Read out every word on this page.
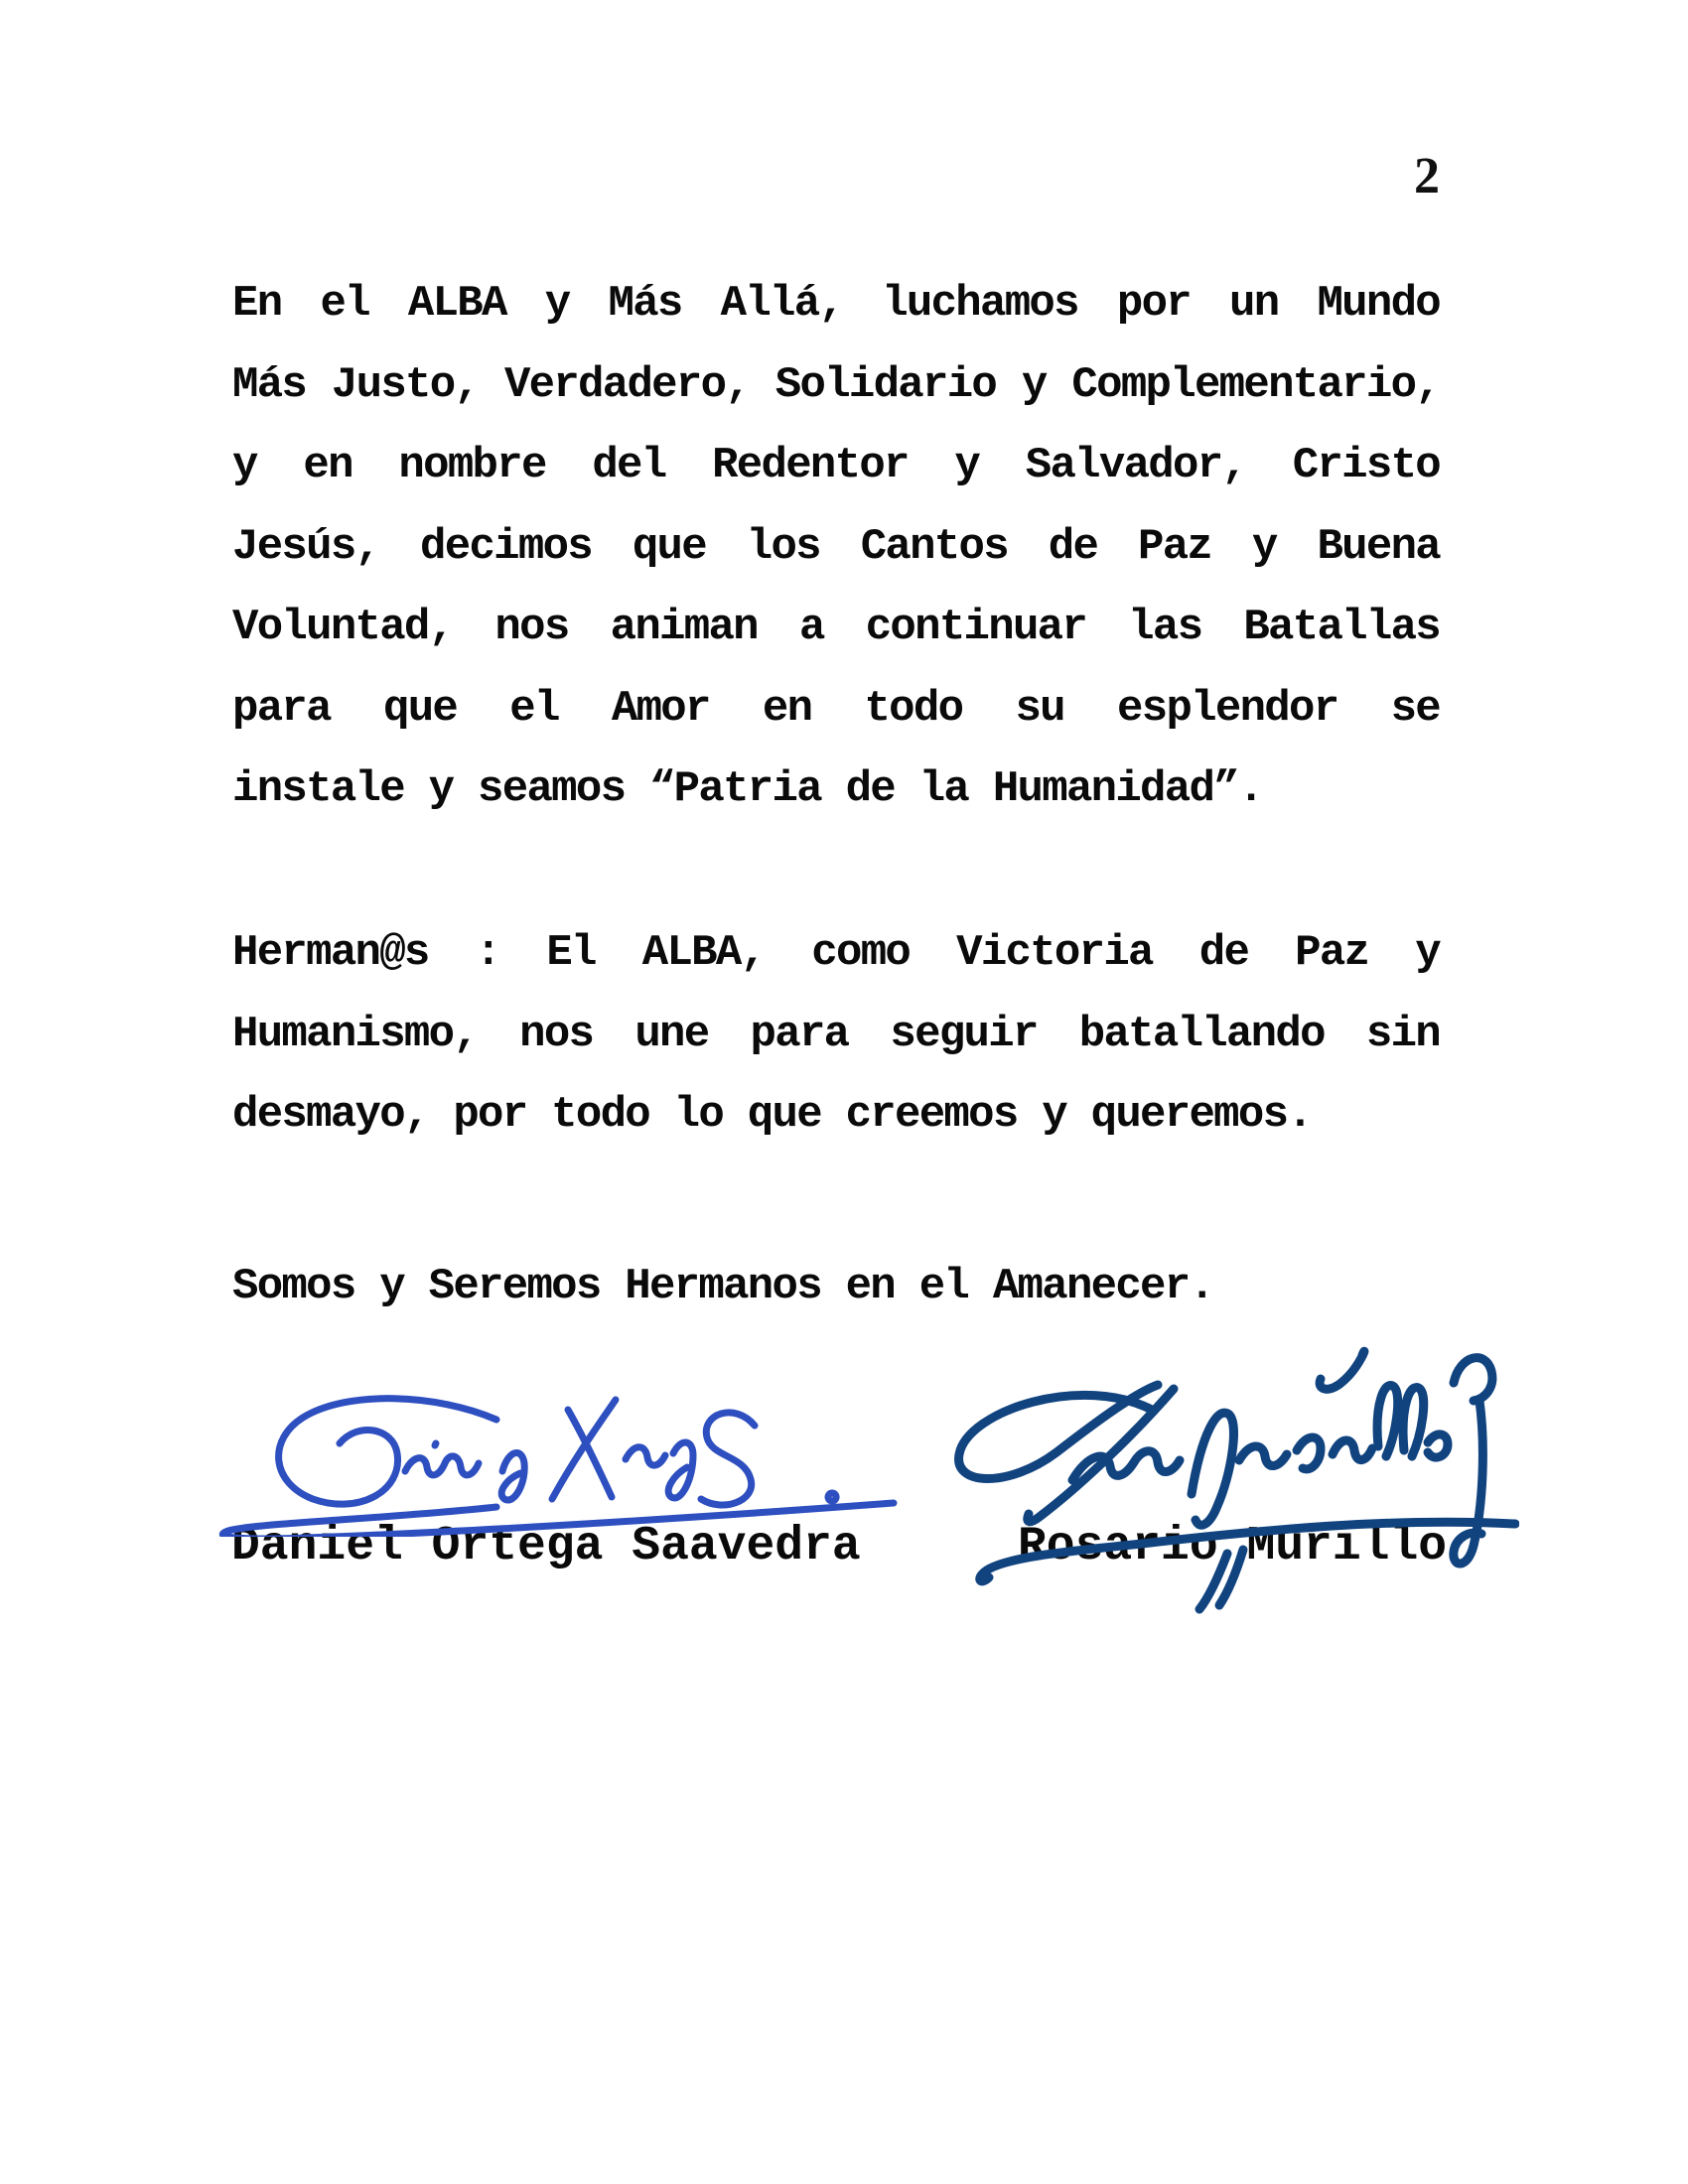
2
En el ALBA y Más Allá, luchamos por un Mundo
Más Justo, Verdadero, Solidario y Complementario,
y en nombre del Redentor y Salvador, Cristo
Jesús, decimos que los Cantos de Paz y Buena
Voluntad, nos animan a continuar las Batallas
para que el Amor en todo su esplendor se
instale y seamos “Patria de la Humanidad”.
Herman@s : El ALBA, como Victoria de Paz y
Humanismo, nos une para seguir batallando sin
desmayo, por todo lo que creemos y queremos.
Somos y Seremos Hermanos en el Amanecer.
Daniel Ortega Saavedra	Rosario Murillo
